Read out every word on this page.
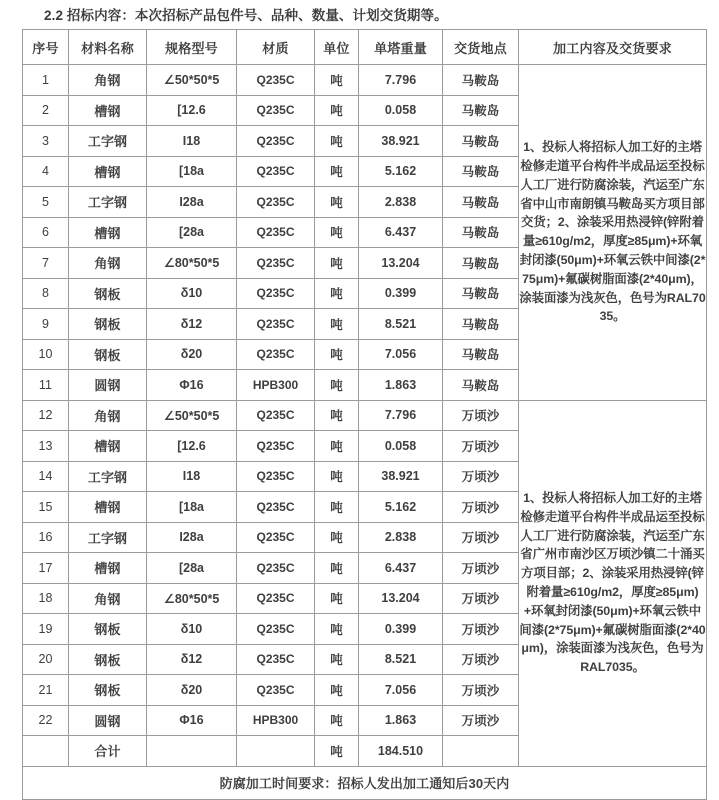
2.2 招标内容：本次招标产品包件号、品种、数量、计划交货期等。
序号	材料名称	规格型号	材质	单位	单塔重量	交货地点	加工内容及交货要求
1	角钢	∠50*50*5	Q235C	吨	7.796	马鞍岛	1、投标人将招标人加工好的主塔检修走道平台构件半成品运至投标人工厂进行防腐涂装，汽运至广东省中山市南朗镇马鞍岛买方项目部交货；2、涂装采用热浸锌(锌附着量≥610g/m2，厚度≥85μm)+环氧封闭漆(50μm)+环氧云铁中间漆(2*75μm)+氟碳树脂面漆(2*40μm)，涂装面漆为浅灰色，色号为RAL7035。
2	槽钢	[12.6	Q235C	吨	0.058	马鞍岛	
3	工字钢	I18	Q235C	吨	38.921	马鞍岛	
4	槽钢	[18a	Q235C	吨	5.162	马鞍岛	
5	工字钢	I28a	Q235C	吨	2.838	马鞍岛	
6	槽钢	[28a	Q235C	吨	6.437	马鞍岛	
7	角钢	∠80*50*5	Q235C	吨	13.204	马鞍岛	
8	钢板	δ10	Q235C	吨	0.399	马鞍岛	
9	钢板	δ12	Q235C	吨	8.521	马鞍岛	
10	钢板	δ20	Q235C	吨	7.056	马鞍岛	
11	圆钢	Φ16	HPB300	吨	1.863	马鞍岛	
12	角钢	∠50*50*5	Q235C	吨	7.796	万顷沙	1、投标人将招标人加工好的主塔检修走道平台构件半成品运至投标人工厂进行防腐涂装，汽运至广东省广州市南沙区万顷沙镇二十涌买方项目部；2、涂装采用热浸锌(锌附着量≥610g/m2，厚度≥85μm)+环氧封闭漆(50μm)+环氧云铁中间漆(2*75μm)+氟碳树脂面漆(2*40μm)，涂装面漆为浅灰色，色号为RAL7035。
13	槽钢	[12.6	Q235C	吨	0.058	万顷沙	
14	工字钢	I18	Q235C	吨	38.921	万顷沙	
15	槽钢	[18a	Q235C	吨	5.162	万顷沙	
16	工字钢	I28a	Q235C	吨	2.838	万顷沙	
17	槽钢	[28a	Q235C	吨	6.437	万顷沙	
18	角钢	∠80*50*5	Q235C	吨	13.204	万顷沙	
19	钢板	δ10	Q235C	吨	0.399	万顷沙	
20	钢板	δ12	Q235C	吨	8.521	万顷沙	
21	钢板	δ20	Q235C	吨	7.056	万顷沙	
22	圆钢	Φ16	HPB300	吨	1.863	万顷沙	
	合计			吨	184.510		
防腐加工时间要求：招标人发出加工通知后30天内							
